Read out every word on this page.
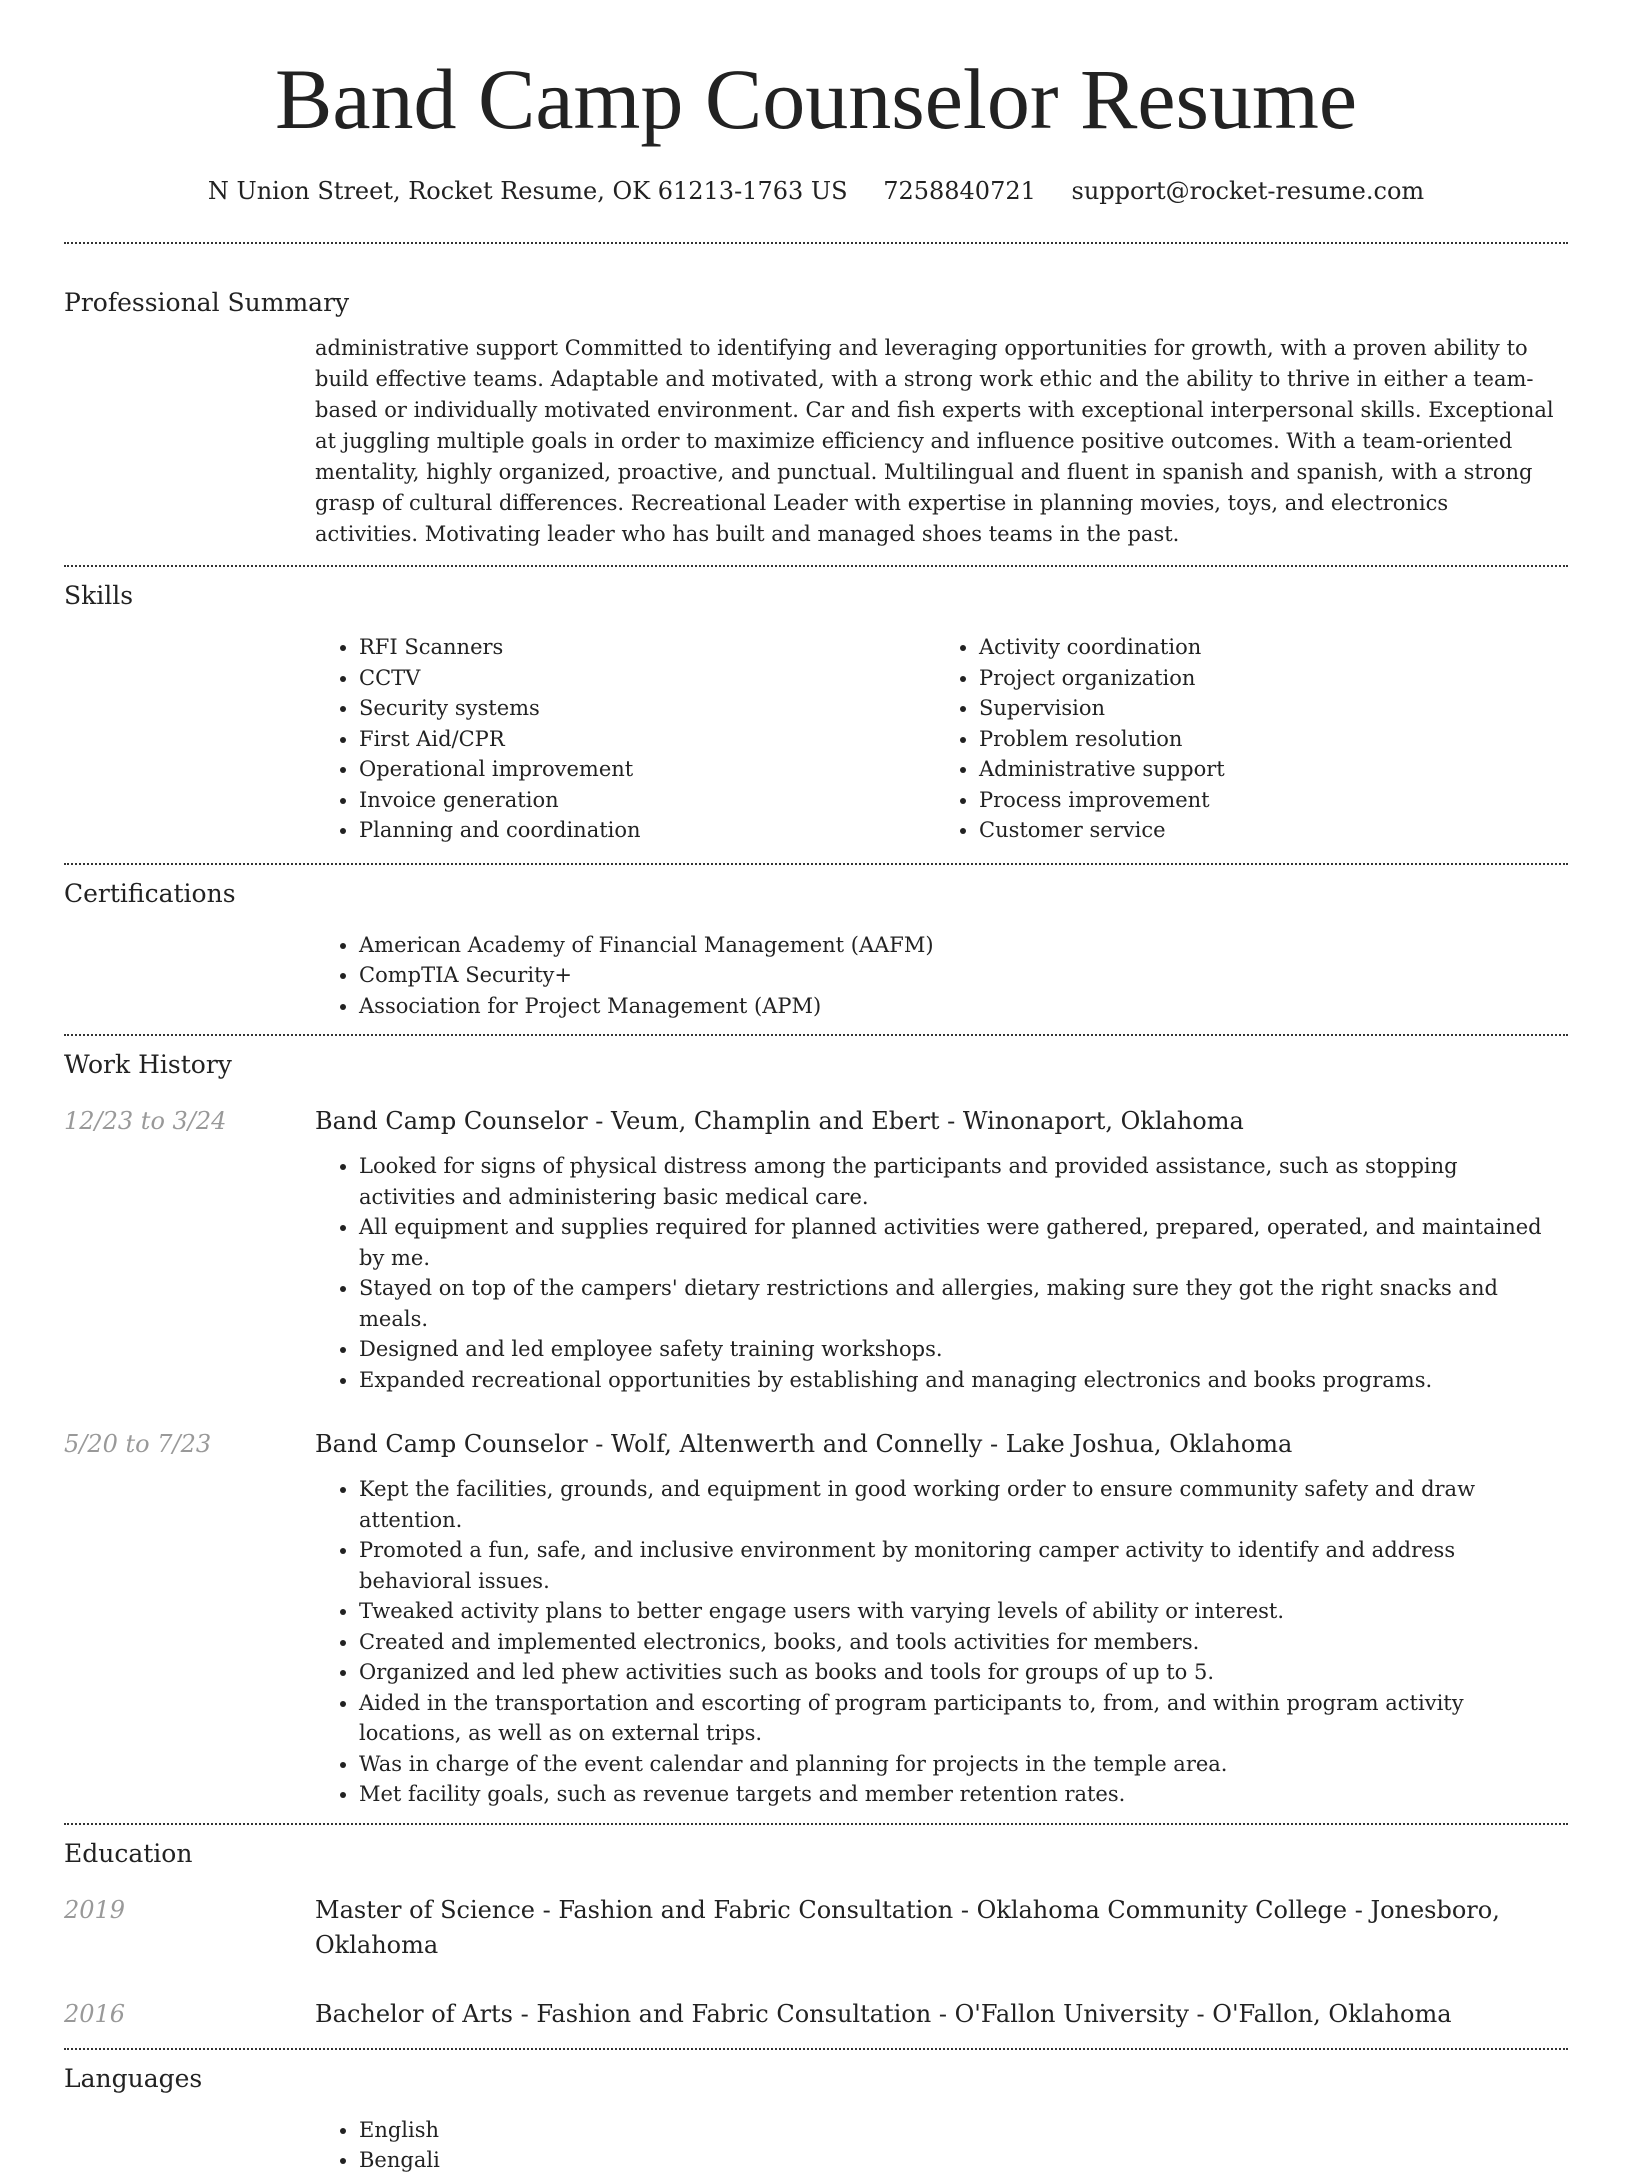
Band Camp Counselor Resume
N Union Street, Rocket Resume, OK 61213-1763 US 7258840721 support@rocket-resume.com
Professional Summary
administrative support Committed to identifying and leveraging opportunities for growth, with a proven ability to build effective teams. Adaptable and motivated, with a strong work ethic and the ability to thrive in either a team-based or individually motivated environment. Car and fish experts with exceptional interpersonal skills. Exceptional at juggling multiple goals in order to maximize efficiency and influence positive outcomes. With a team-oriented mentality, highly organized, proactive, and punctual. Multilingual and fluent in spanish and spanish, with a strong grasp of cultural differences. Recreational Leader with expertise in planning movies, toys, and electronics activities. Motivating leader who has built and managed shoes teams in the past.
Skills
• RFI Scanners
• CCTV
• Security systems
• First Aid/CPR
• Operational improvement
• Invoice generation
• Planning and coordination
• Activity coordination
• Project organization
• Supervision
• Problem resolution
• Administrative support
• Process improvement
• Customer service
Certifications
• American Academy of Financial Management (AAFM)
• CompTIA Security+
• Association for Project Management (APM)
Work History
12/23 to 3/24	Band Camp Counselor - Veum, Champlin and Ebert - Winonaport, Oklahoma
• Looked for signs of physical distress among the participants and provided assistance, such as stopping activities and administering basic medical care.
• All equipment and supplies required for planned activities were gathered, prepared, operated, and maintained by me.
• Stayed on top of the campers' dietary restrictions and allergies, making sure they got the right snacks and meals.
• Designed and led employee safety training workshops.
• Expanded recreational opportunities by establishing and managing electronics and books programs.
5/20 to 7/23	Band Camp Counselor - Wolf, Altenwerth and Connelly - Lake Joshua, Oklahoma
• Kept the facilities, grounds, and equipment in good working order to ensure community safety and draw attention.
• Promoted a fun, safe, and inclusive environment by monitoring camper activity to identify and address behavioral issues.
• Tweaked activity plans to better engage users with varying levels of ability or interest.
• Created and implemented electronics, books, and tools activities for members.
• Organized and led phew activities such as books and tools for groups of up to 5.
• Aided in the transportation and escorting of program participants to, from, and within program activity locations, as well as on external trips.
• Was in charge of the event calendar and planning for projects in the temple area.
• Met facility goals, such as revenue targets and member retention rates.
Education
2019	Master of Science - Fashion and Fabric Consultation - Oklahoma Community College - Jonesboro, Oklahoma
2016	Bachelor of Arts - Fashion and Fabric Consultation - O'Fallon University - O'Fallon, Oklahoma
Languages
• English
• Bengali
